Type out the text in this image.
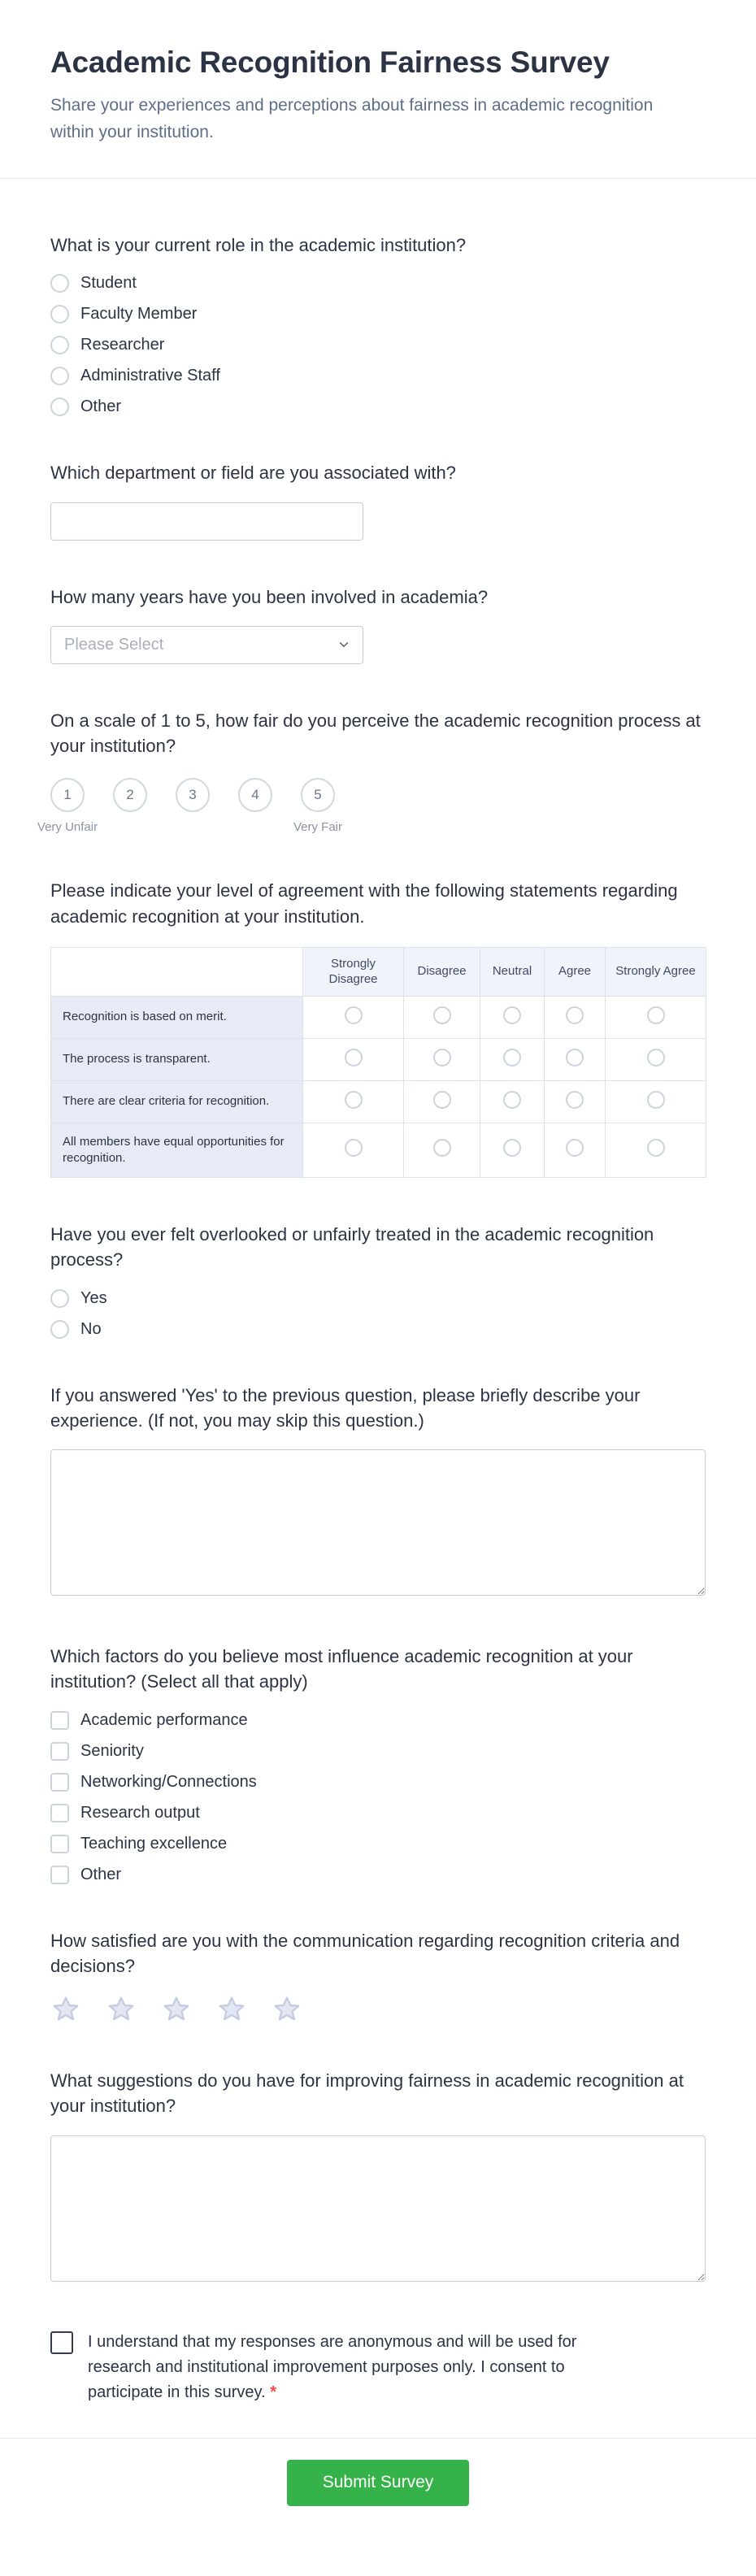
Academic Recognition Fairness Survey

Share your experiences and perceptions about fairness in academic recognition within your institution.

What is your current role in the academic institution?

Student
Faculty Member
Researcher
Administrative Staff
Other

Which department or field are you associated with?

How many years have you been involved in academia?

Please Select

On a scale of 1 to 5, how fair do you perceive the academic recognition process at your institution?

1
Very Unfair
2	3	4	5
Very Fair

Please indicate your level of agreement with the following statements regarding academic recognition at your institution.

	Strongly Disagree	Disagree	Neutral	Agree	Strongly Agree
Recognition is based on merit.					
The process is transparent.					
There are clear criteria for recognition.					
All members have equal opportunities for recognition.					

Have you ever felt overlooked or unfairly treated in the academic recognition process?

Yes
No

If you answered 'Yes' to the previous question, please briefly describe your experience. (If not, you may skip this question.)

Which factors do you believe most influence academic recognition at your institution? (Select all that apply)

Academic performance
Seniority
Networking/Connections
Research output
Teaching excellence
Other

How satisfied are you with the communication regarding recognition criteria and decisions?

What suggestions do you have for improving fairness in academic recognition at your institution?

I understand that my responses are anonymous and will be used for research and institutional improvement purposes only. I consent to participate in this survey. *

Submit Survey
